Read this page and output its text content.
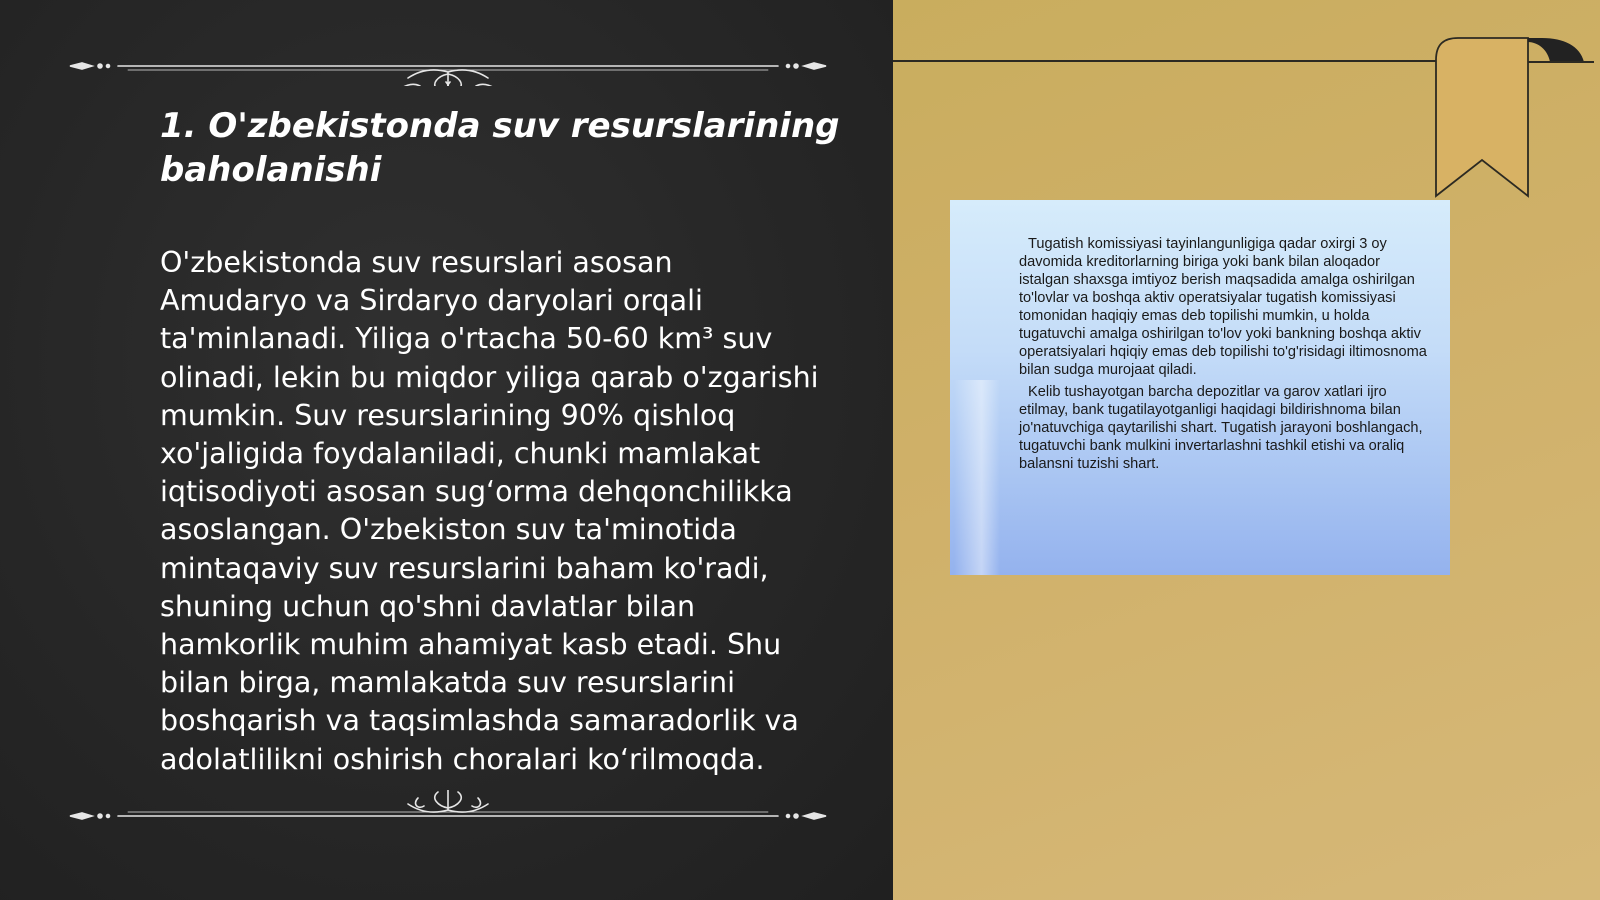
1. O'zbekistonda suv resurslarining baholanishi

O'zbekistonda suv resurslari asosan Amudaryo va Sirdaryo daryolari orqali ta'minlanadi. Yiliga o'rtacha 50-60 km³ suv olinadi, lekin bu miqdor yiliga qarab o'zgarishi mumkin. Suv resurslarining 90% qishloq xo'jaligida foydalaniladi, chunki mamlakat iqtisodiyoti asosan sug‘orma dehqonchilikka asoslangan. O'zbekiston suv ta'minotida mintaqaviy suv resurslarini baham ko'radi, shuning uchun qo'shni davlatlar bilan hamkorlik muhim ahamiyat kasb etadi. Shu bilan birga, mamlakatda suv resurslarini boshqarish va taqsimlashda samaradorlik va adolatlilikni oshirish choralari ko‘rilmoqda.

Tugatish komissiyasi tayinlangunligiga qadar oxirgi 3 oy davomida kreditorlarning biriga yoki bank bilan aloqador istalgan shaxsga imtiyoz berish maqsadida amalga oshirilgan to'lovlar va boshqa aktiv operatsiyalar tugatish komissiyasi tomonidan haqiqiy emas deb topilishi mumkin, u holda tugatuvchi amalga oshirilgan to'lov yoki bankning boshqa aktiv operatsiyalari hqiqiy emas deb topilishi to'g'risidagi iltimosnoma bilan sudga murojaat qiladi.

Kelib tushayotgan barcha depozitlar va garov xatlari ijro etilmay, bank tugatilayotganligi haqidagi bildirishnoma bilan jo'natuvchiga qaytarilishi shart. Tugatish jarayoni boshlangach, tugatuvchi bank mulkini invertarlashni tashkil etishi va oraliq balansni tuzishi shart.
